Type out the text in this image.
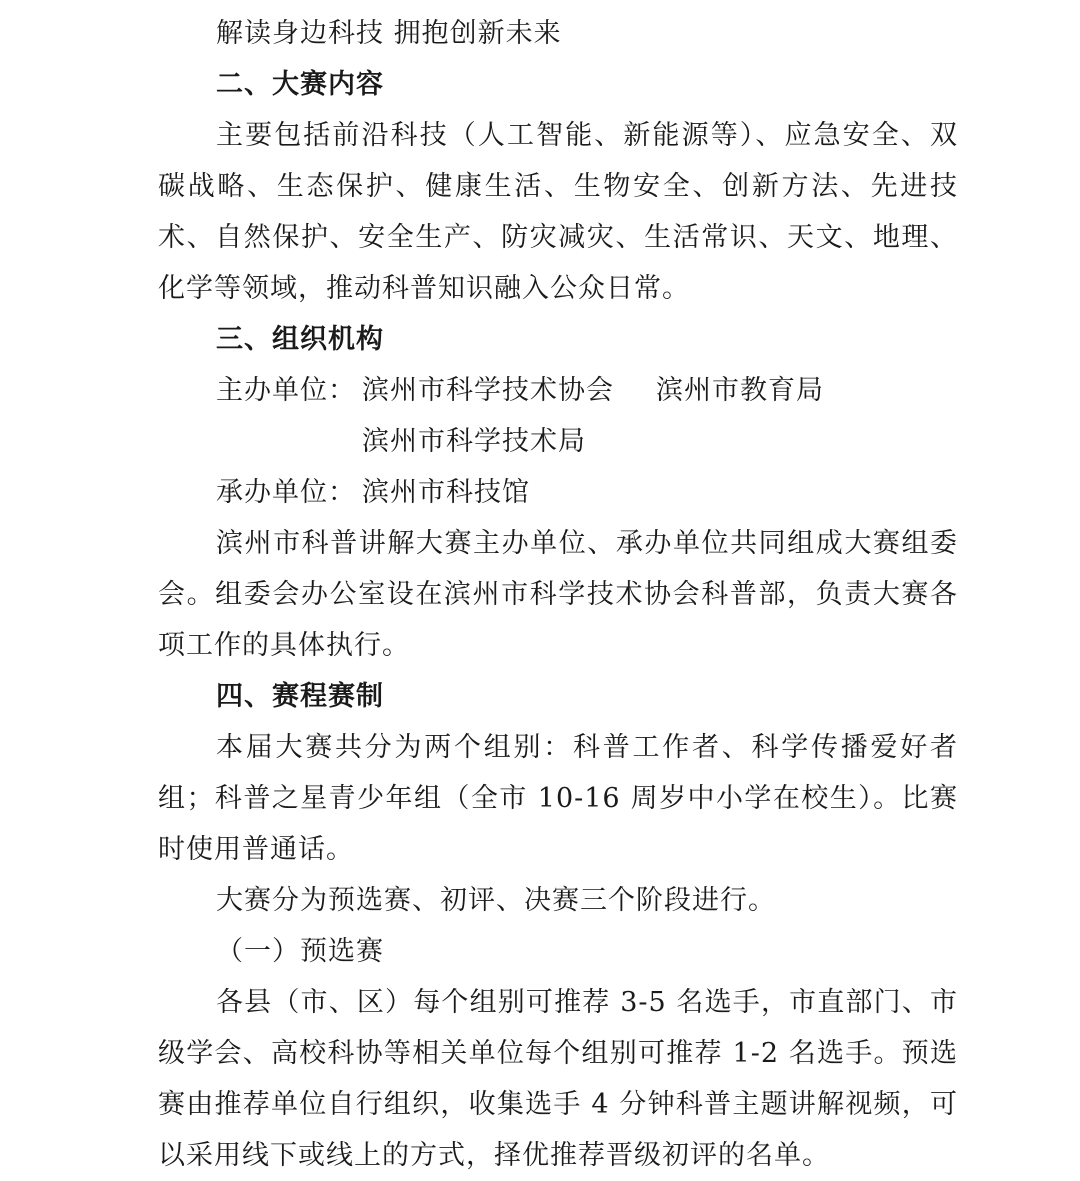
解读身边科技 拥抱创新未来

二、大赛内容

主要包括前沿科技（人工智能、新能源等）、应急安全、双碳战略、生态保护、健康生活、生物安全、创新方法、先进技术、自然保护、安全生产、防灾减灾、生活常识、天文、地理、化学等领域，推动科普知识融入公众日常。

三、组织机构

主办单位： 滨州市科学技术协会 滨州市教育局

滨州市科学技术局

承办单位： 滨州市科技馆

滨州市科普讲解大赛主办单位、承办单位共同组成大赛组委会。组委会办公室设在滨州市科学技术协会科普部，负责大赛各项工作的具体执行。

四、赛程赛制

本届大赛共分为两个组别：科普工作者、科学传播爱好者组；科普之星青少年组（全市 10-16 周岁中小学在校生）。比赛时使用普通话。

大赛分为预选赛、初评、决赛三个阶段进行。

（一）预选赛

各县（市、区）每个组别可推荐 3-5 名选手，市直部门、市级学会、高校科协等相关单位每个组别可推荐 1-2 名选手。预选赛由推荐单位自行组织，收集选手 4 分钟科普主题讲解视频，可以采用线下或线上的方式，择优推荐晋级初评的名单。
